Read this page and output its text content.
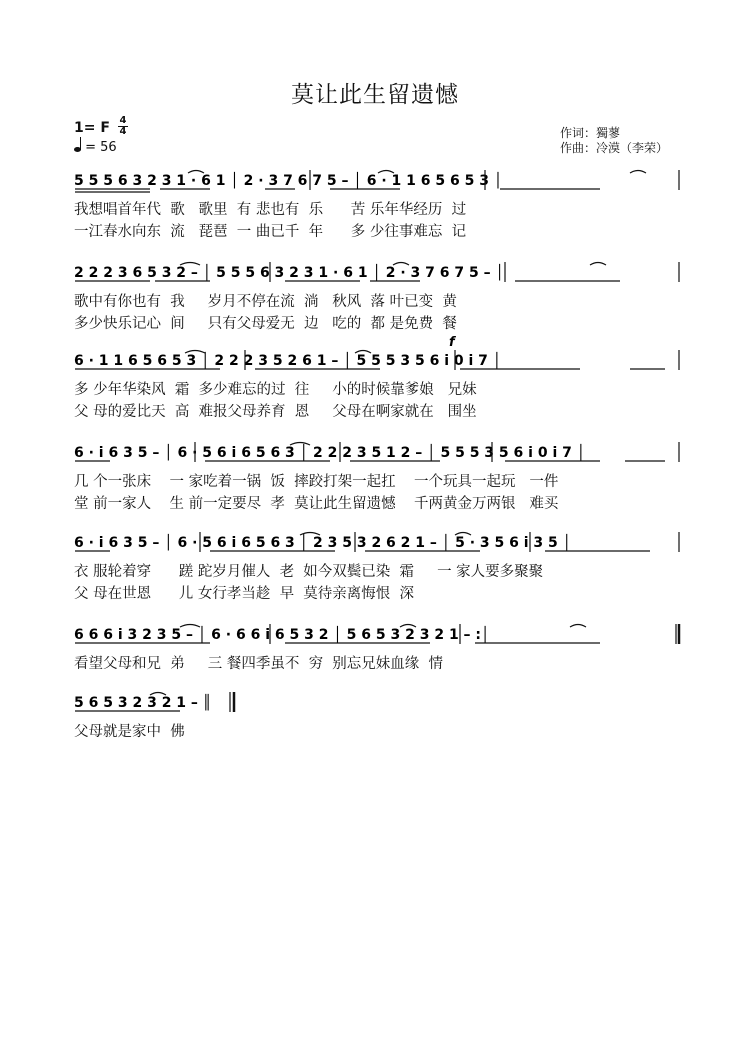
莫让此生留遗憾
1= F 4
4
= 56
作词：獨蓼
作曲：冷漠（李荣）
5 5 5 6 3 2 3 1 · 6 1 │ 2 · 3 7 6 7 5 – │ 6 · 1 1 6 5 6 5 3 │
我想唱首年代  歌   歌里  有 悲也有  乐      苦 乐年华经历  过
一江春水向东  流   琵琶  一 曲已千  年      多 少往事难忘  记
2 2 2 3 6 5 3 2 – │ 5 5 5 6 3 2 3 1 · 6 1 │ 2 · 3 7 6 7 5 – │
歌中有你也有  我     岁月不停在流  淌   秋风  落 叶已变  黄
多少快乐记心  间     只有父母爱无  边   吃的  都 是免费  餐
f
6 · 1 1 6 5 6 5 3 │ 2 2 2 3 5 2 6 1 – │ 5 5 5 3 5 6 i 0 i 7 │
多 少年华染风  霜  多少难忘的过  往     小的时候靠爹娘   兄妹
父 母的爱比天  高  难报父母养育  恩     父母在啊家就在   围坐
6 · i 6 3 5 – │ 6 · 5 6 i 6 5 6 3 │ 2 2 2 3 5 1 2 – │ 5 5 5 3 5 6 i 0 i 7 │
几 个一张床    一 家吃着一锅  饭  摔跤打架一起扛    一个玩具一起玩   一件
堂 前一家人    生 前一定要尽  孝  莫让此生留遗憾    千两黄金万两银   难买
6 · i 6 3 5 – │ 6 · 5 6 i 6 5 6 3 │ 2 3 5 3 2 6 2 1 – │ 5 · 3 5 6 i 3 5 │
衣 服轮着穿      蹉 跎岁月催人  老  如今双鬓已染  霜     一 家人要多聚聚
父 母在世恩      儿 女行孝当趁  早  莫待亲离悔恨  深
6 6 6 i 3 2 3 5 – │ 6 · 6 6 i 6 5 3 2 │ 5 6 5 3 2 3 2 1 – :│
看望父母和兄  弟     三 餐四季虽不  穷  别忘兄妹血缘  情
5 6 5 3 2 3 2 1 – ║
父母就是家中  佛
